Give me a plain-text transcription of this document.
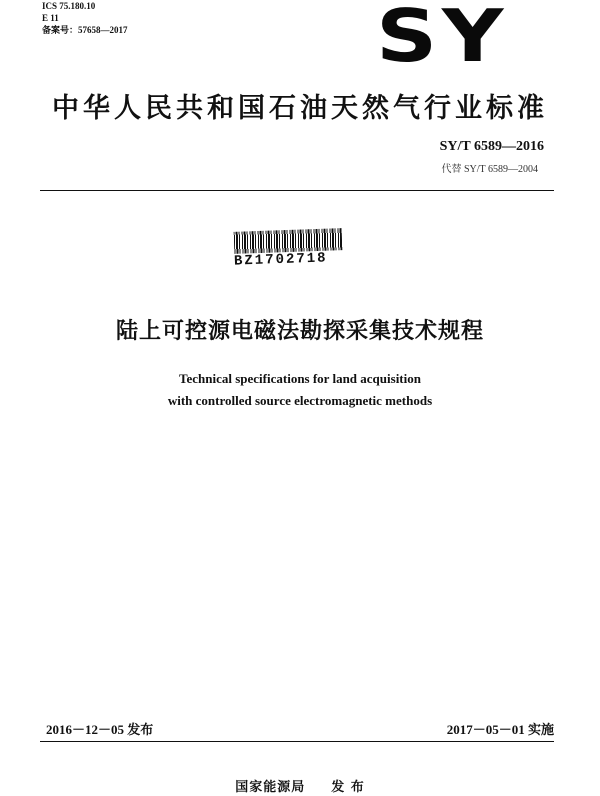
ICS 75.180.10
E 11
备案号：57658—2017	SY
中华人民共和国石油天然气行业标准
SY/T 6589—2016
代替 SY/T 6589—2004
BZ1702718
陆上可控源电磁法勘探采集技术规程
Technical specifications for land acquisition
with controlled source electromagnetic methods
2016－12－05 发布	2017－05－01 实施
国家能源局 发 布
